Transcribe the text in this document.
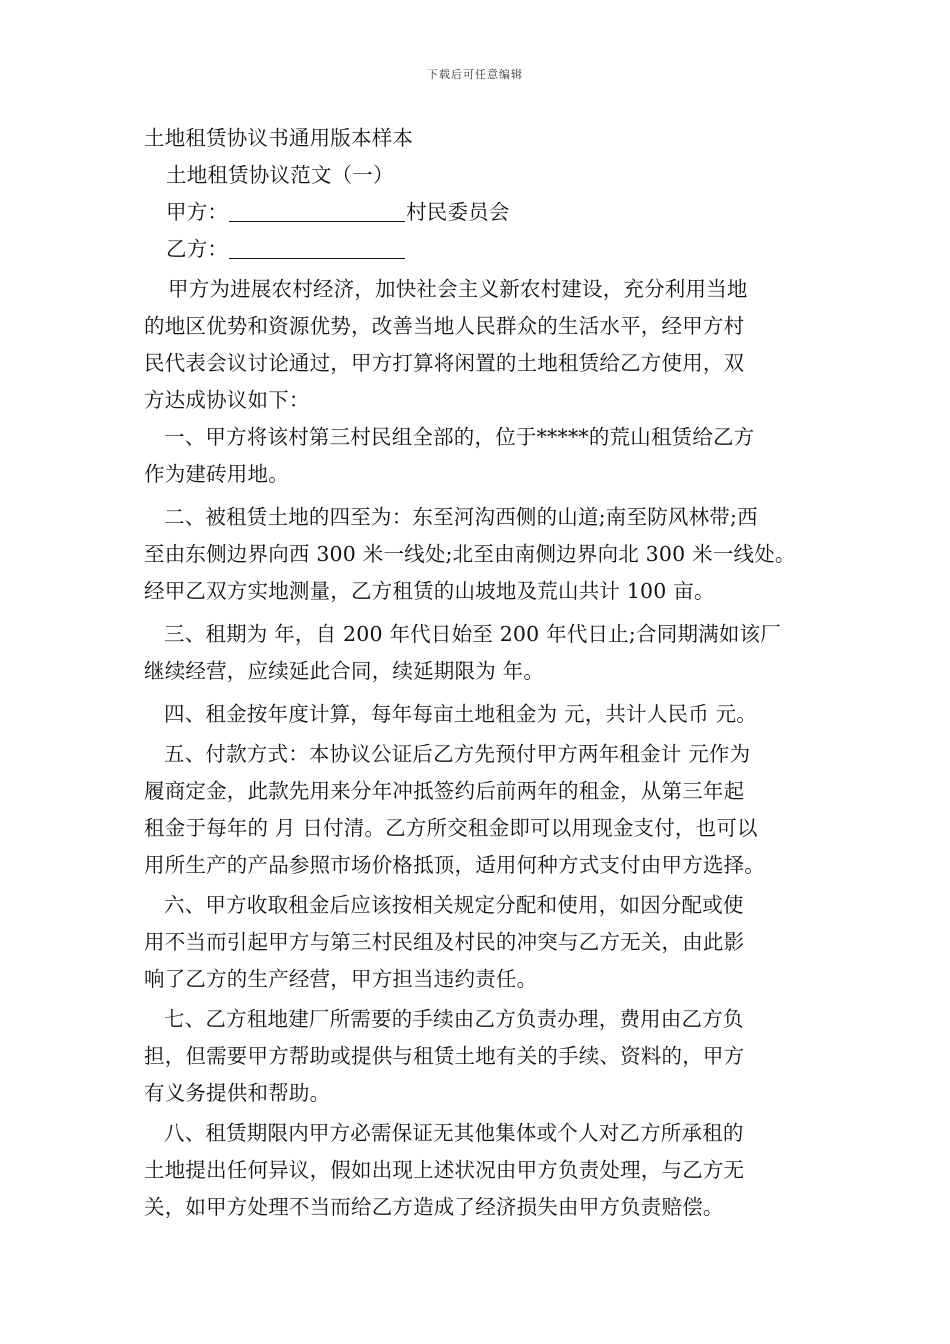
下载后可任意编辑
土地租赁协议书通用版本样本
土地租赁协议范文（一）
甲方：	村民委员会
乙方：
甲方为进展农村经济，加快社会主义新农村建设，充分利用当地
的地区优势和资源优势，改善当地人民群众的生活水平，经甲方村
民代表会议讨论通过，甲方打算将闲置的土地租赁给乙方使用，双
方达成协议如下：
一、甲方将该村第三村民组全部的，位于*****的荒山租赁给乙方
作为建砖用地。
二、被租赁土地的四至为：东至河沟西侧的山道;南至防风林带;西
至由东侧边界向西 300 米一线处;北至由南侧边界向北 300 米一线处。
经甲乙双方实地测量，乙方租赁的山坡地及荒山共计 100 亩。
三、租期为 年，自 200 年代日始至 200 年代日止;合同期满如该厂
继续经营，应续延此合同，续延期限为 年。
四、租金按年度计算，每年每亩土地租金为 元，共计人民币 元。
五、付款方式：本协议公证后乙方先预付甲方两年租金计 元作为
履商定金，此款先用来分年冲抵签约后前两年的租金，从第三年起
租金于每年的 月 日付清。乙方所交租金即可以用现金支付，也可以
用所生产的产品参照市场价格抵顶，适用何种方式支付由甲方选择。
六、甲方收取租金后应该按相关规定分配和使用，如因分配或使
用不当而引起甲方与第三村民组及村民的冲突与乙方无关，由此影
响了乙方的生产经营，甲方担当违约责任。
七、乙方租地建厂所需要的手续由乙方负责办理，费用由乙方负
担，但需要甲方帮助或提供与租赁土地有关的手续、资料的，甲方
有义务提供和帮助。
八、租赁期限内甲方必需保证无其他集体或个人对乙方所承租的
土地提出任何异议，假如出现上述状况由甲方负责处理，与乙方无
关，如甲方处理不当而给乙方造成了经济损失由甲方负责赔偿。
